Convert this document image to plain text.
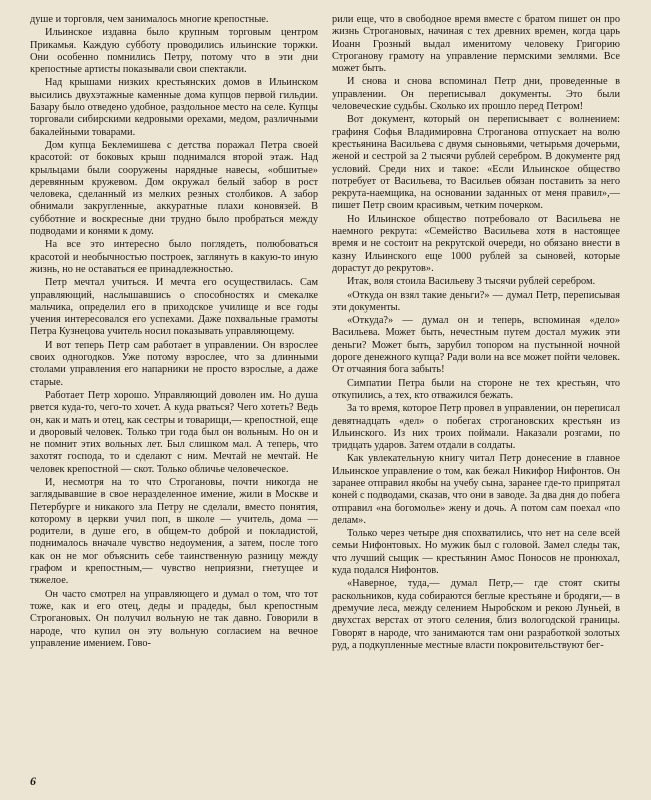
душе и торговля, чем занималось многие крепостные.

Ильинское издавна было крупным торговым центром Прикамья. Каждую субботу проводились ильинские торжки. Они особенно помнились Петру, потому что в эти дни крепостные артисты показывали свои спектакли.

Над крышами низких крестьянских домов в Ильинском высились двухэтажные каменные дома купцов первой гильдии. Базару было отведено удобное, раздольное место на селе. Купцы торговали сибирскими кедровыми орехами, медом, различными бакалейными товарами.

Дом купца Беклемишева с детства поражал Петра своей красотой: от боковых крыш поднимался второй этаж. Над крыльцами были сооружены нарядные навесы, «обшитые» деревянным кружевом. Дом окружал белый забор в рост человека, сделанный из мелких резных столбиков. А забор обнимали закругленные, аккуратные плахи коновязей. В субботние и воскресные дни трудно было пробраться между подводами и конями к дому.

На все это интересно было поглядеть, полюбоваться красотой и необычностью построек, заглянуть в какую-то иную жизнь, но не оставаться ее принадлежностью.

Петр мечтал учиться. И мечта его осуществилась. Сам управляющий, наслышавшись о способностях и смекалке мальчика, определил его в приходское училище и все годы учения интересовался его успехами. Даже похвальные грамоты Петра Кузнецова учитель носил показывать управляющему.

И вот теперь Петр сам работает в управлении. Он взрослее своих одногодков. Уже потому взрослее, что за длинными столами управления его напарники не просто взрослые, а даже старые.

Работает Петр хорошо. Управляющий доволен им. Но душа рвется куда-то, чего-то хочет. А куда рваться? Чего хотеть? Ведь он, как и мать и отец, как сестры и товарищи,— крепостной, еще и дворовый человек. Только три года был он вольным. Но он и не помнит этих вольных лет. Был слишком мал. А теперь, что захотят господа, то и сделают с ним. Мечтай не мечтай. Не человек крепостной — скот. Только обличье человеческое.

И, несмотря на то что Строгановы, почти никогда не заглядывавшие в свое неразделенное имение, жили в Москве и Петербурге и никакого зла Петру не сделали, вместо понятия, которому в церкви учил поп, в школе — учитель, дома — родители, в душе его, в общем-то доброй и покладистой, поднималось вначале чувство недоумения, а затем, после того как он не мог объяснить себе таинственную разницу между графом и крепостным,— чувство неприязни, гнетущее и тяжелое.

Он часто смотрел на управляющего и думал о том, что тот тоже, как и его отец, деды и прадеды, был крепостным Строгановых. Он получил вольную не так давно. Говорили в народе, что купил он эту вольную согласием на вечное управление имением. Гово-

рили еще, что в свободное время вместе с братом пишет он про жизнь Строгановых, начиная с тех древних времен, когда царь Иоанн Грозный выдал именитому человеку Григорию Строганову грамоту на управление пермскими землями. Все может быть.

И снова и снова вспоминал Петр дни, проведенные в управлении. Он переписывал документы. Это были человеческие судьбы. Сколько их прошло перед Петром!

Вот документ, который он переписывает с волнением: графиня Софья Владимировна Строганова отпускает на волю крестьянина Васильева с двумя сыновьями, четырьмя дочерьми, женой и сестрой за 2 тысячи рублей серебром. В документе ряд условий. Среди них и такое: «Если Ильинское общество потребует от Васильева, то Васильев обязан поставить за него рекрута-наемщика, на основании заданных от меня правил»,— пишет Петр своим красивым, четким почерком.

Но Ильинское общество потребовало от Васильева не наемного рекрута: «Семейство Васильева хотя в настоящее время и не состоит на рекрутской очереди, но обязано внести в казну Ильинского еще 1000 рублей за сыновей, которые дорастут до рекрутов».

Итак, воля стоила Васильеву 3 тысячи рублей серебром.

«Откуда он взял такие деньги?» — думал Петр, переписывая эти документы.

«Откуда?» — думал он и теперь, вспоминая «дело» Васильева. Может быть, нечестным путем достал мужик эти деньги? Может быть, зарубил топором на пустынной ночной дороге денежного купца? Ради воли на все может пойти человек. От отчаяния бога забыть!

Симпатии Петра были на стороне не тех крестьян, что откупились, а тех, кто отважился бежать.

За то время, которое Петр провел в управлении, он переписал девятнадцать «дел» о побегах строгановских крестьян из Ильинского. Из них троих поймали. Наказали розгами, по тридцать ударов. Затем отдали в солдаты.

Как увлекательную книгу читал Петр донесение в главное Ильинское управление о том, как бежал Никифор Нифонтов. Он заранее отправил якобы на учебу сына, заранее где-то припрятал коней с подводами, сказав, что они в заводе. За два дня до побега отправил «на богомолье» жену и дочь. А потом сам поехал «по делам».

Только через четыре дня спохватились, что нет на селе всей семьи Нифонтовых. Но мужик был с головой. Замел следы так, что лучший сыщик — крестьянин Амос Поносов не пронюхал, куда подался Нифонтов.

«Наверное, туда,— думал Петр,— где стоят скиты раскольников, куда собираются беглые крестьяне и бродяги,— в дремучие леса, между селением Ныробском и рекою Луньей, в двухстах верстах от этого селения, близ вологодской границы. Говорят в народе, что занимаются там они разработкой золотых руд, а подкупленные местные власти покровительствуют бег-

6
